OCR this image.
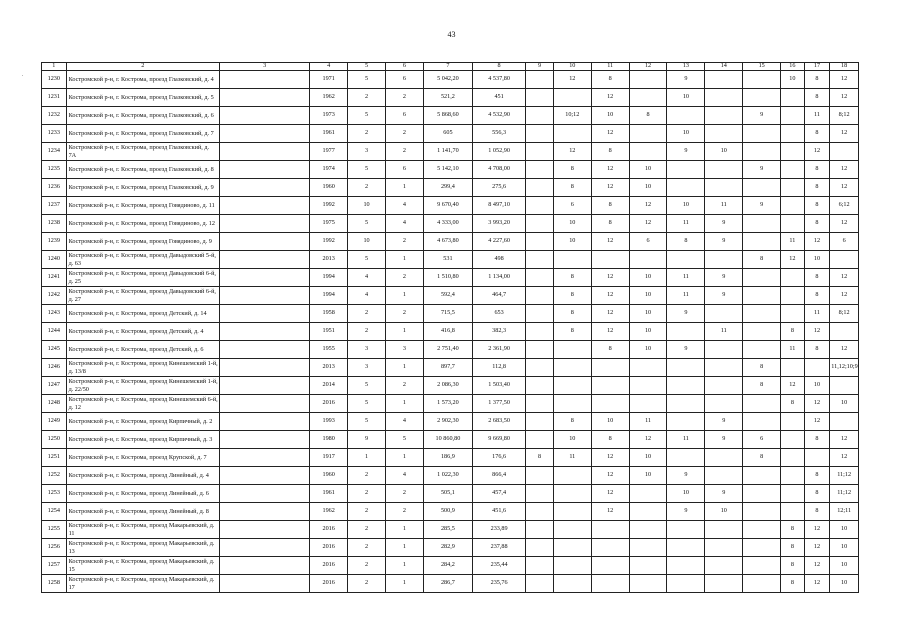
43
1	2	3	4	5	6	7	8	9	10	11	12	13	14	15	16	17	18
1230	Костромской р-н, г. Кострома, проезд Глазковский, д. 4		1971	5	6	5 042,20	4 537,80		12	8		9			10	8	12
1231	Костромской р-н, г. Кострома, проезд Глазковский, д. 5		1962	2	2	521,2	451			12		10				8	12
1232	Костромской р-н, г. Кострома, проезд Глазковский, д. 6		1973	5	6	5 868,60	4 532,90		10;12	10	8			9		11	8;12
1233	Костромской р-н, г. Кострома, проезд Глазковский, д. 7		1961	2	2	605	556,3			12		10				8	12
1234	Костромской р-н, г. Кострома, проезд Глазковский, д. 7А		1977	3	2	1 141,70	1 052,90		12	8		9	10			12	
1235	Костромской р-н, г. Кострома, проезд Глазковский, д. 8		1974	5	6	5 142,10	4 708,00		8	12	10			9		8	12
1236	Костромской р-н, г. Кострома, проезд Глазковский, д. 9		1960	2	1	299,4	275,6		8	12	10					8	12
1237	Костромской р-н, г. Кострома, проезд Говядиново, д. 11		1992	10	4	9 670,40	8 497,10		6	8	12	10	11	9		8	6;12
1238	Костромской р-н, г. Кострома, проезд Говядиново, д. 12		1975	5	4	4 333,00	3 993,20		10	8	12	11	9			8	12
1239	Костромской р-н, г. Кострома, проезд Говядиново, д. 9		1992	10	2	4 673,80	4 227,60		10	12	6	8	9		11	12	6
1240	Костромской р-н, г. Кострома, проезд Давыдовский 5-й, д. 63		2013	5	1	531	498							8	12	10	
1241	Костромской р-н, г. Кострома, проезд Давыдовский 6-й, д. 25		1994	4	2	1 510,80	1 134,00		8	12	10	11	9			8	12
1242	Костромской р-н, г. Кострома, проезд Давыдовский 6-й, д. 27		1994	4	1	592,4	464,7		8	12	10	11	9			8	12
1243	Костромской р-н, г. Кострома, проезд Детский, д. 14		1958	2	2	715,5	653		8	12	10	9				11	8;12
1244	Костромской р-н, г. Кострома, проезд Детский, д. 4		1951	2	1	416,8	382,3		8	12	10		11		8	12	
1245	Костромской р-н, г. Кострома, проезд Детский, д. 6		1955	3	3	2 751,40	2 361,90			8	10	9			11	8	12
1246	Костромской р-н, г. Кострома, проезд Кинешемский 1-й, д. 13/8		2013	3	1	897,7	112,8							8			11,12;10;9
1247	Костромской р-н, г. Кострома, проезд Кинешемский 1-й, д. 22/50		2014	5	2	2 086,30	1 503,40							8	12	10	
1248	Костромской р-н, г. Кострома, проезд Кинешемский 6-й, д. 12		2016	5	1	1 573,20	1 377,50								8	12	10
1249	Костромской р-н, г. Кострома, проезд Кирпичный, д. 2		1993	5	4	2 902,30	2 683,50		8	10	11		9			12	
1250	Костромской р-н, г. Кострома, проезд Кирпичный, д. 3		1980	9	5	10 860,80	9 669,80		10	8	12	11	9	6		8	12
1251	Костромской р-н, г. Кострома, проезд Крупской, д. 7		1917	1	1	186,9	176,6	8	11	12	10			8			12
1252	Костромской р-н, г. Кострома, проезд Линейный, д. 4		1960	2	4	1 022,30	866,4			12	10	9				8	11;12
1253	Костромской р-н, г. Кострома, проезд Линейный, д. 6		1961	2	2	505,1	457,4			12		10	9			8	11;12
1254	Костромской р-н, г. Кострома, проезд Линейный, д. 8		1962	2	2	500,9	451,6			12		9	10			8	12;11
1255	Костромской р-н, г. Кострома, проезд Макарьевский, д. 11		2016	2	1	285,5	233,89								8	12	10
1256	Костромской р-н, г. Кострома, проезд Макарьевский, д. 13		2016	2	1	282,9	237,88								8	12	10
1257	Костромской р-н, г. Кострома, проезд Макарьевский, д. 15		2016	2	1	284,2	235,44								8	12	10
1258	Костромской р-н, г. Кострома, проезд Макарьевский, д. 17		2016	2	1	286,7	235,76								8	12	10
